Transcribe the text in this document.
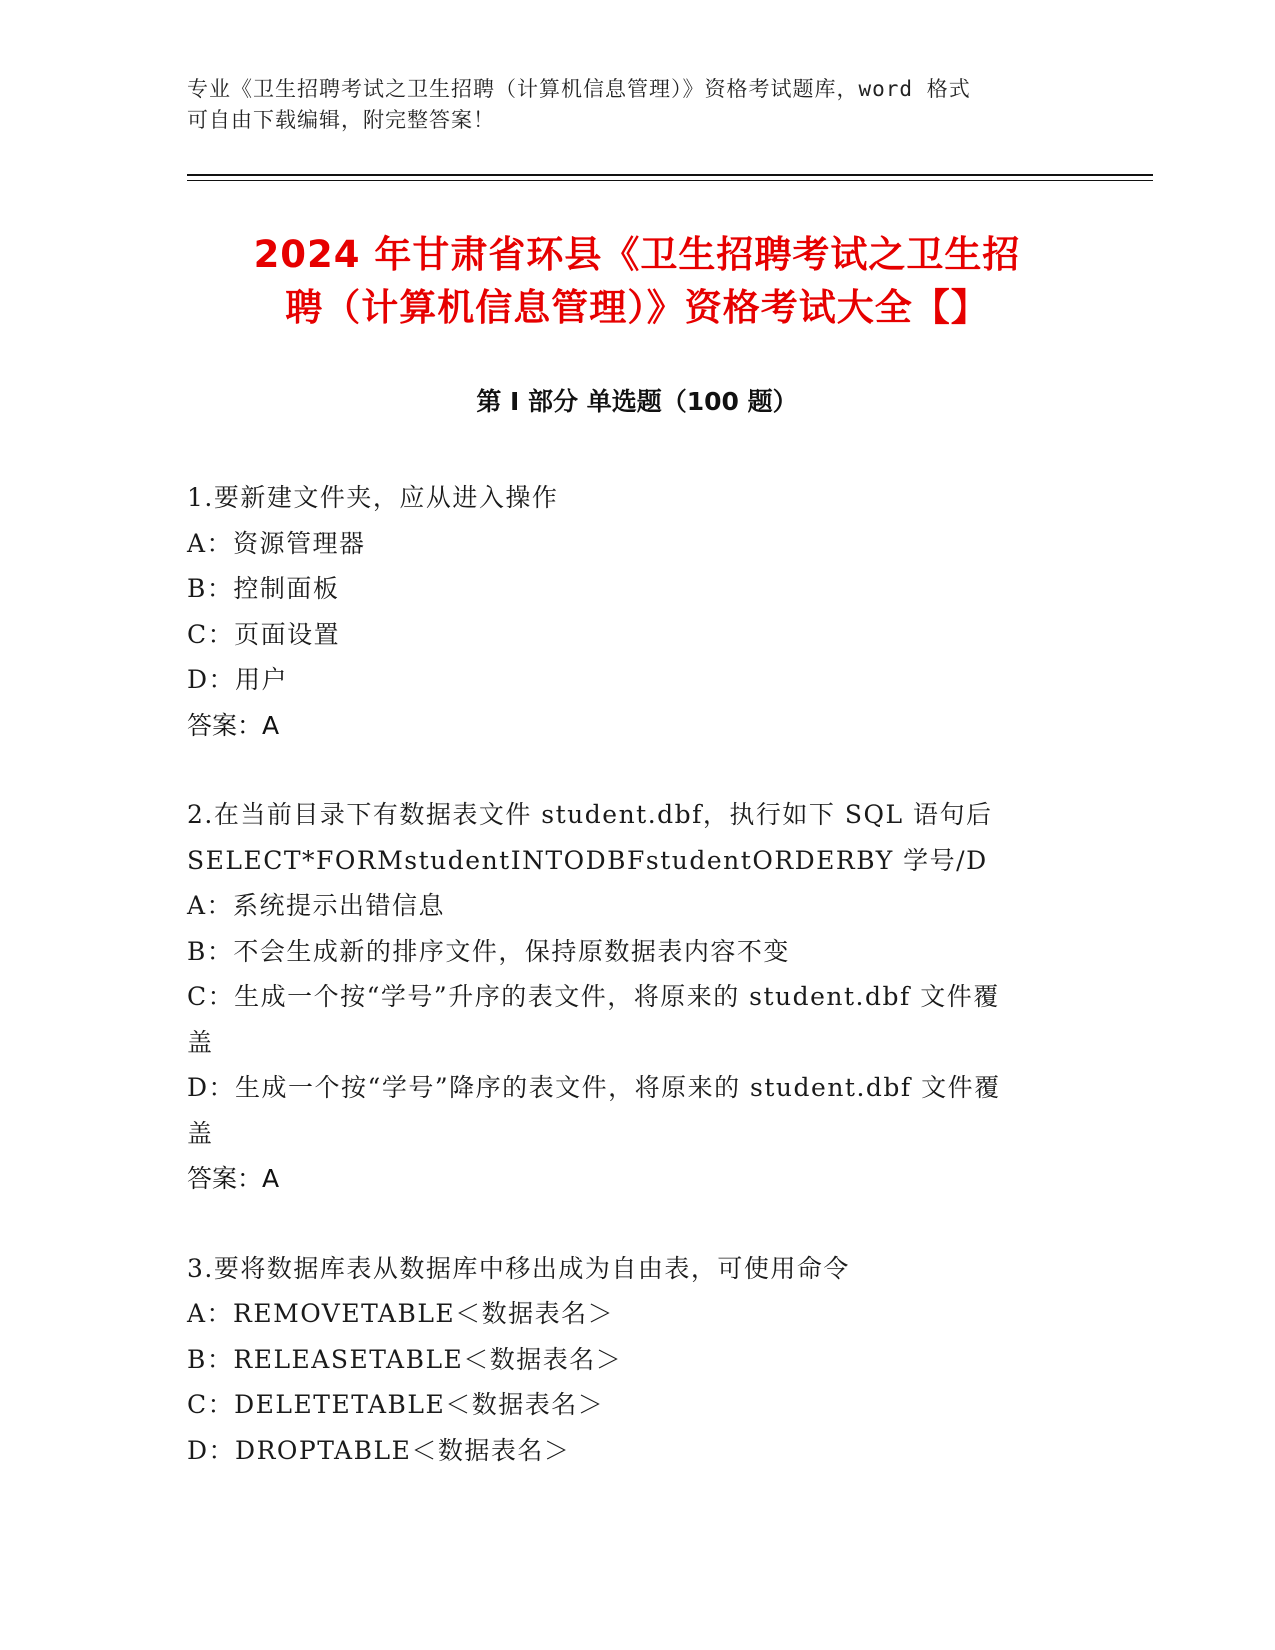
专业《卫生招聘考试之卫生招聘（计算机信息管理）》资格考试题库，word 格式
可自由下载编辑，附完整答案！
2024 年甘肃省环县《卫生招聘考试之卫生招
聘（计算机信息管理）》资格考试大全【】
第 I 部分 单选题（100 题）
1.要新建文件夹，应从进入操作
A：资源管理器
B：控制面板
C：页面设置
D：用户
答案：A
2.在当前目录下有数据表文件 student.dbf，执行如下 SQL 语句后
SELECT*FORMstudentINTODBFstudentORDERBY 学号/D
A：系统提示出错信息
B：不会生成新的排序文件，保持原数据表内容不变
C：生成一个按“学号”升序的表文件，将原来的 student.dbf 文件覆
盖
D：生成一个按“学号”降序的表文件，将原来的 student.dbf 文件覆
盖
答案：A
3.要将数据库表从数据库中移出成为自由表，可使用命令
A：REMOVETABLE＜数据表名＞
B：RELEASETABLE＜数据表名＞
C：DELETETABLE＜数据表名＞
D：DROPTABLE＜数据表名＞
